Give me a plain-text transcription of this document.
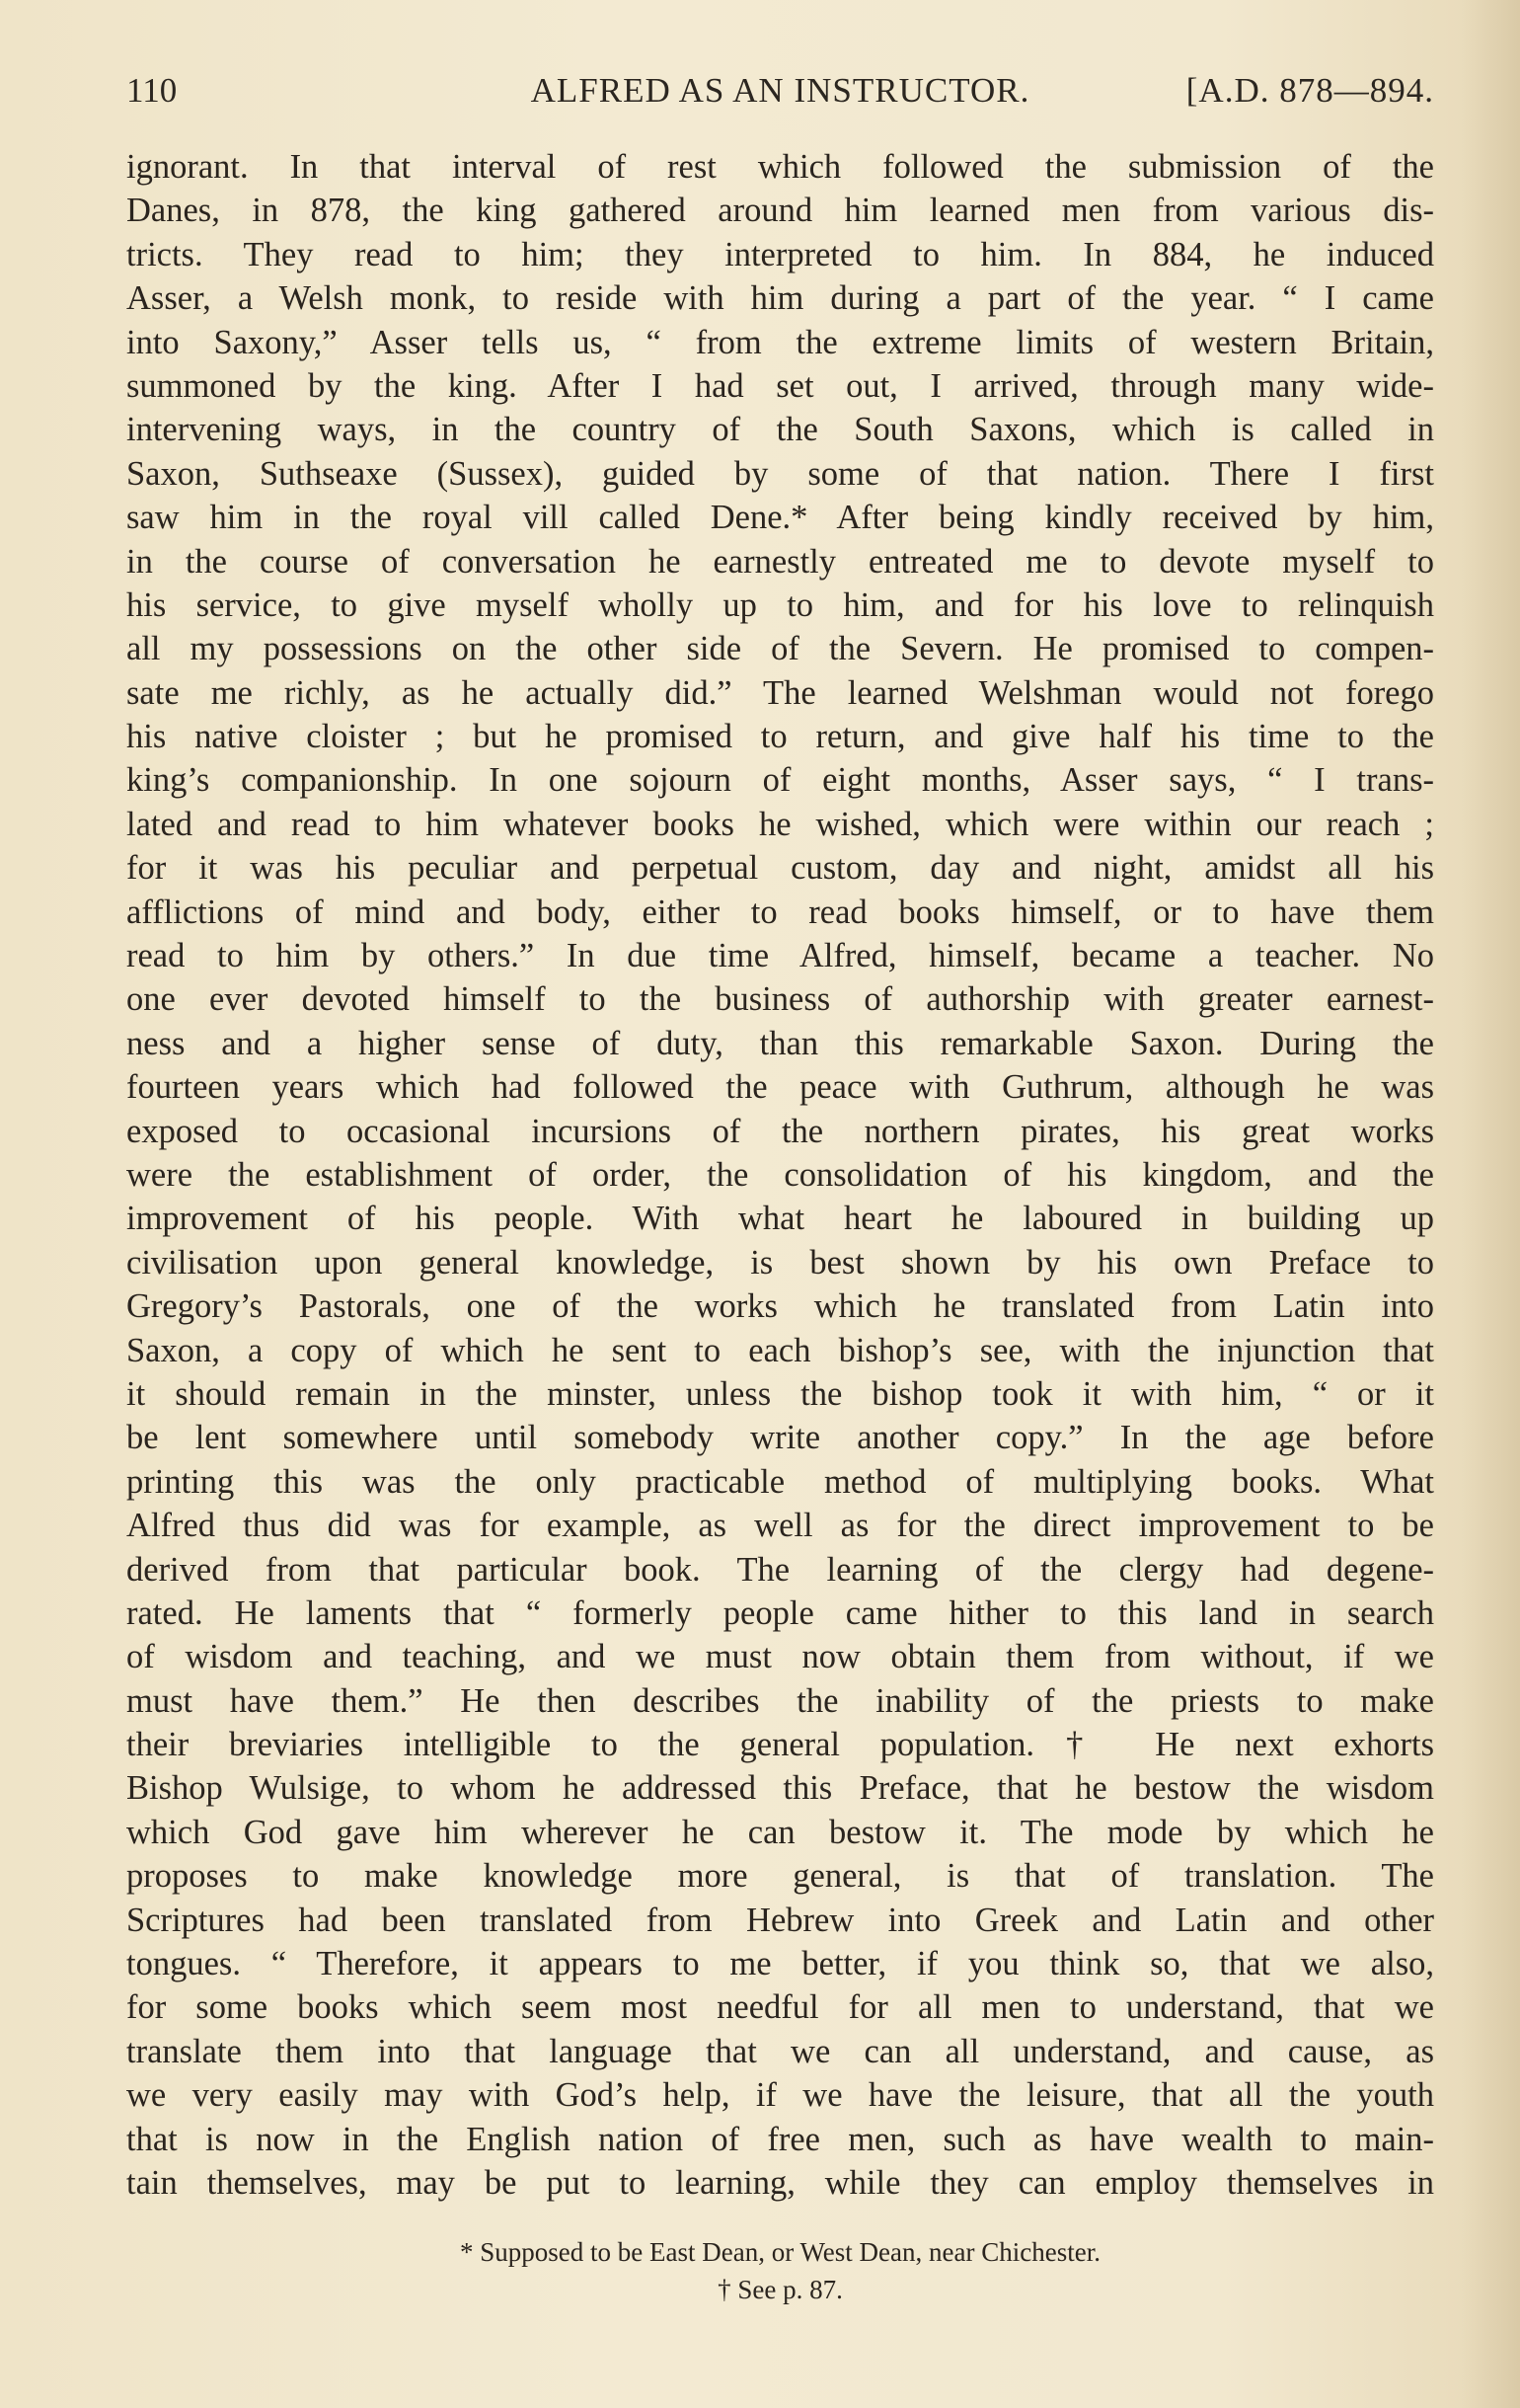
110	ALFRED AS AN INSTRUCTOR.	[A.D. 878—894.
ignorant. In that interval of rest which followed the submission of the
Danes, in 878, the king gathered around him learned men from various dis-
tricts. They read to him; they interpreted to him. In 884, he induced
Asser, a Welsh monk, to reside with him during a part of the year. “ I came
into Saxony,” Asser tells us, “ from the extreme limits of western Britain,
summoned by the king. After I had set out, I arrived, through many wide-
intervening ways, in the country of the South Saxons, which is called in
Saxon, Suthseaxe (Sussex), guided by some of that nation. There I first
saw him in the royal vill called Dene.* After being kindly received by him,
in the course of conversation he earnestly entreated me to devote myself to
his service, to give myself wholly up to him, and for his love to relinquish
all my possessions on the other side of the Severn. He promised to compen-
sate me richly, as he actually did.” The learned Welshman would not forego
his native cloister ; but he promised to return, and give half his time to the
king’s companionship. In one sojourn of eight months, Asser says, “ I trans-
lated and read to him whatever books he wished, which were within our reach ;
for it was his peculiar and perpetual custom, day and night, amidst all his
afflictions of mind and body, either to read books himself, or to have them
read to him by others.” In due time Alfred, himself, became a teacher. No
one ever devoted himself to the business of authorship with greater earnest-
ness and a higher sense of duty, than this remarkable Saxon. During the
fourteen years which had followed the peace with Guthrum, although he was
exposed to occasional incursions of the northern pirates, his great works
were the establishment of order, the consolidation of his kingdom, and the
improvement of his people. With what heart he laboured in building up
civilisation upon general knowledge, is best shown by his own Preface to
Gregory’s Pastorals, one of the works which he translated from Latin into
Saxon, a copy of which he sent to each bishop’s see, with the injunction that
it should remain in the minster, unless the bishop took it with him, “ or it
be lent somewhere until somebody write another copy.” In the age before
printing this was the only practicable method of multiplying books. What
Alfred thus did was for example, as well as for the direct improvement to be
derived from that particular book. The learning of the clergy had degene-
rated. He laments that “ formerly people came hither to this land in search
of wisdom and teaching, and we must now obtain them from without, if we
must have them.” He then describes the inability of the priests to make
their breviaries intelligible to the general population.† He next exhorts
Bishop Wulsige, to whom he addressed this Preface, that he bestow the wisdom
which God gave him wherever he can bestow it. The mode by which he
proposes to make knowledge more general, is that of translation. The
Scriptures had been translated from Hebrew into Greek and Latin and other
tongues. “ Therefore, it appears to me better, if you think so, that we also,
for some books which seem most needful for all men to understand, that we
translate them into that language that we can all understand, and cause, as
we very easily may with God’s help, if we have the leisure, that all the youth
that is now in the English nation of free men, such as have wealth to main-
tain themselves, may be put to learning, while they can employ themselves in
* Supposed to be East Dean, or West Dean, near Chichester.
† See p. 87.
